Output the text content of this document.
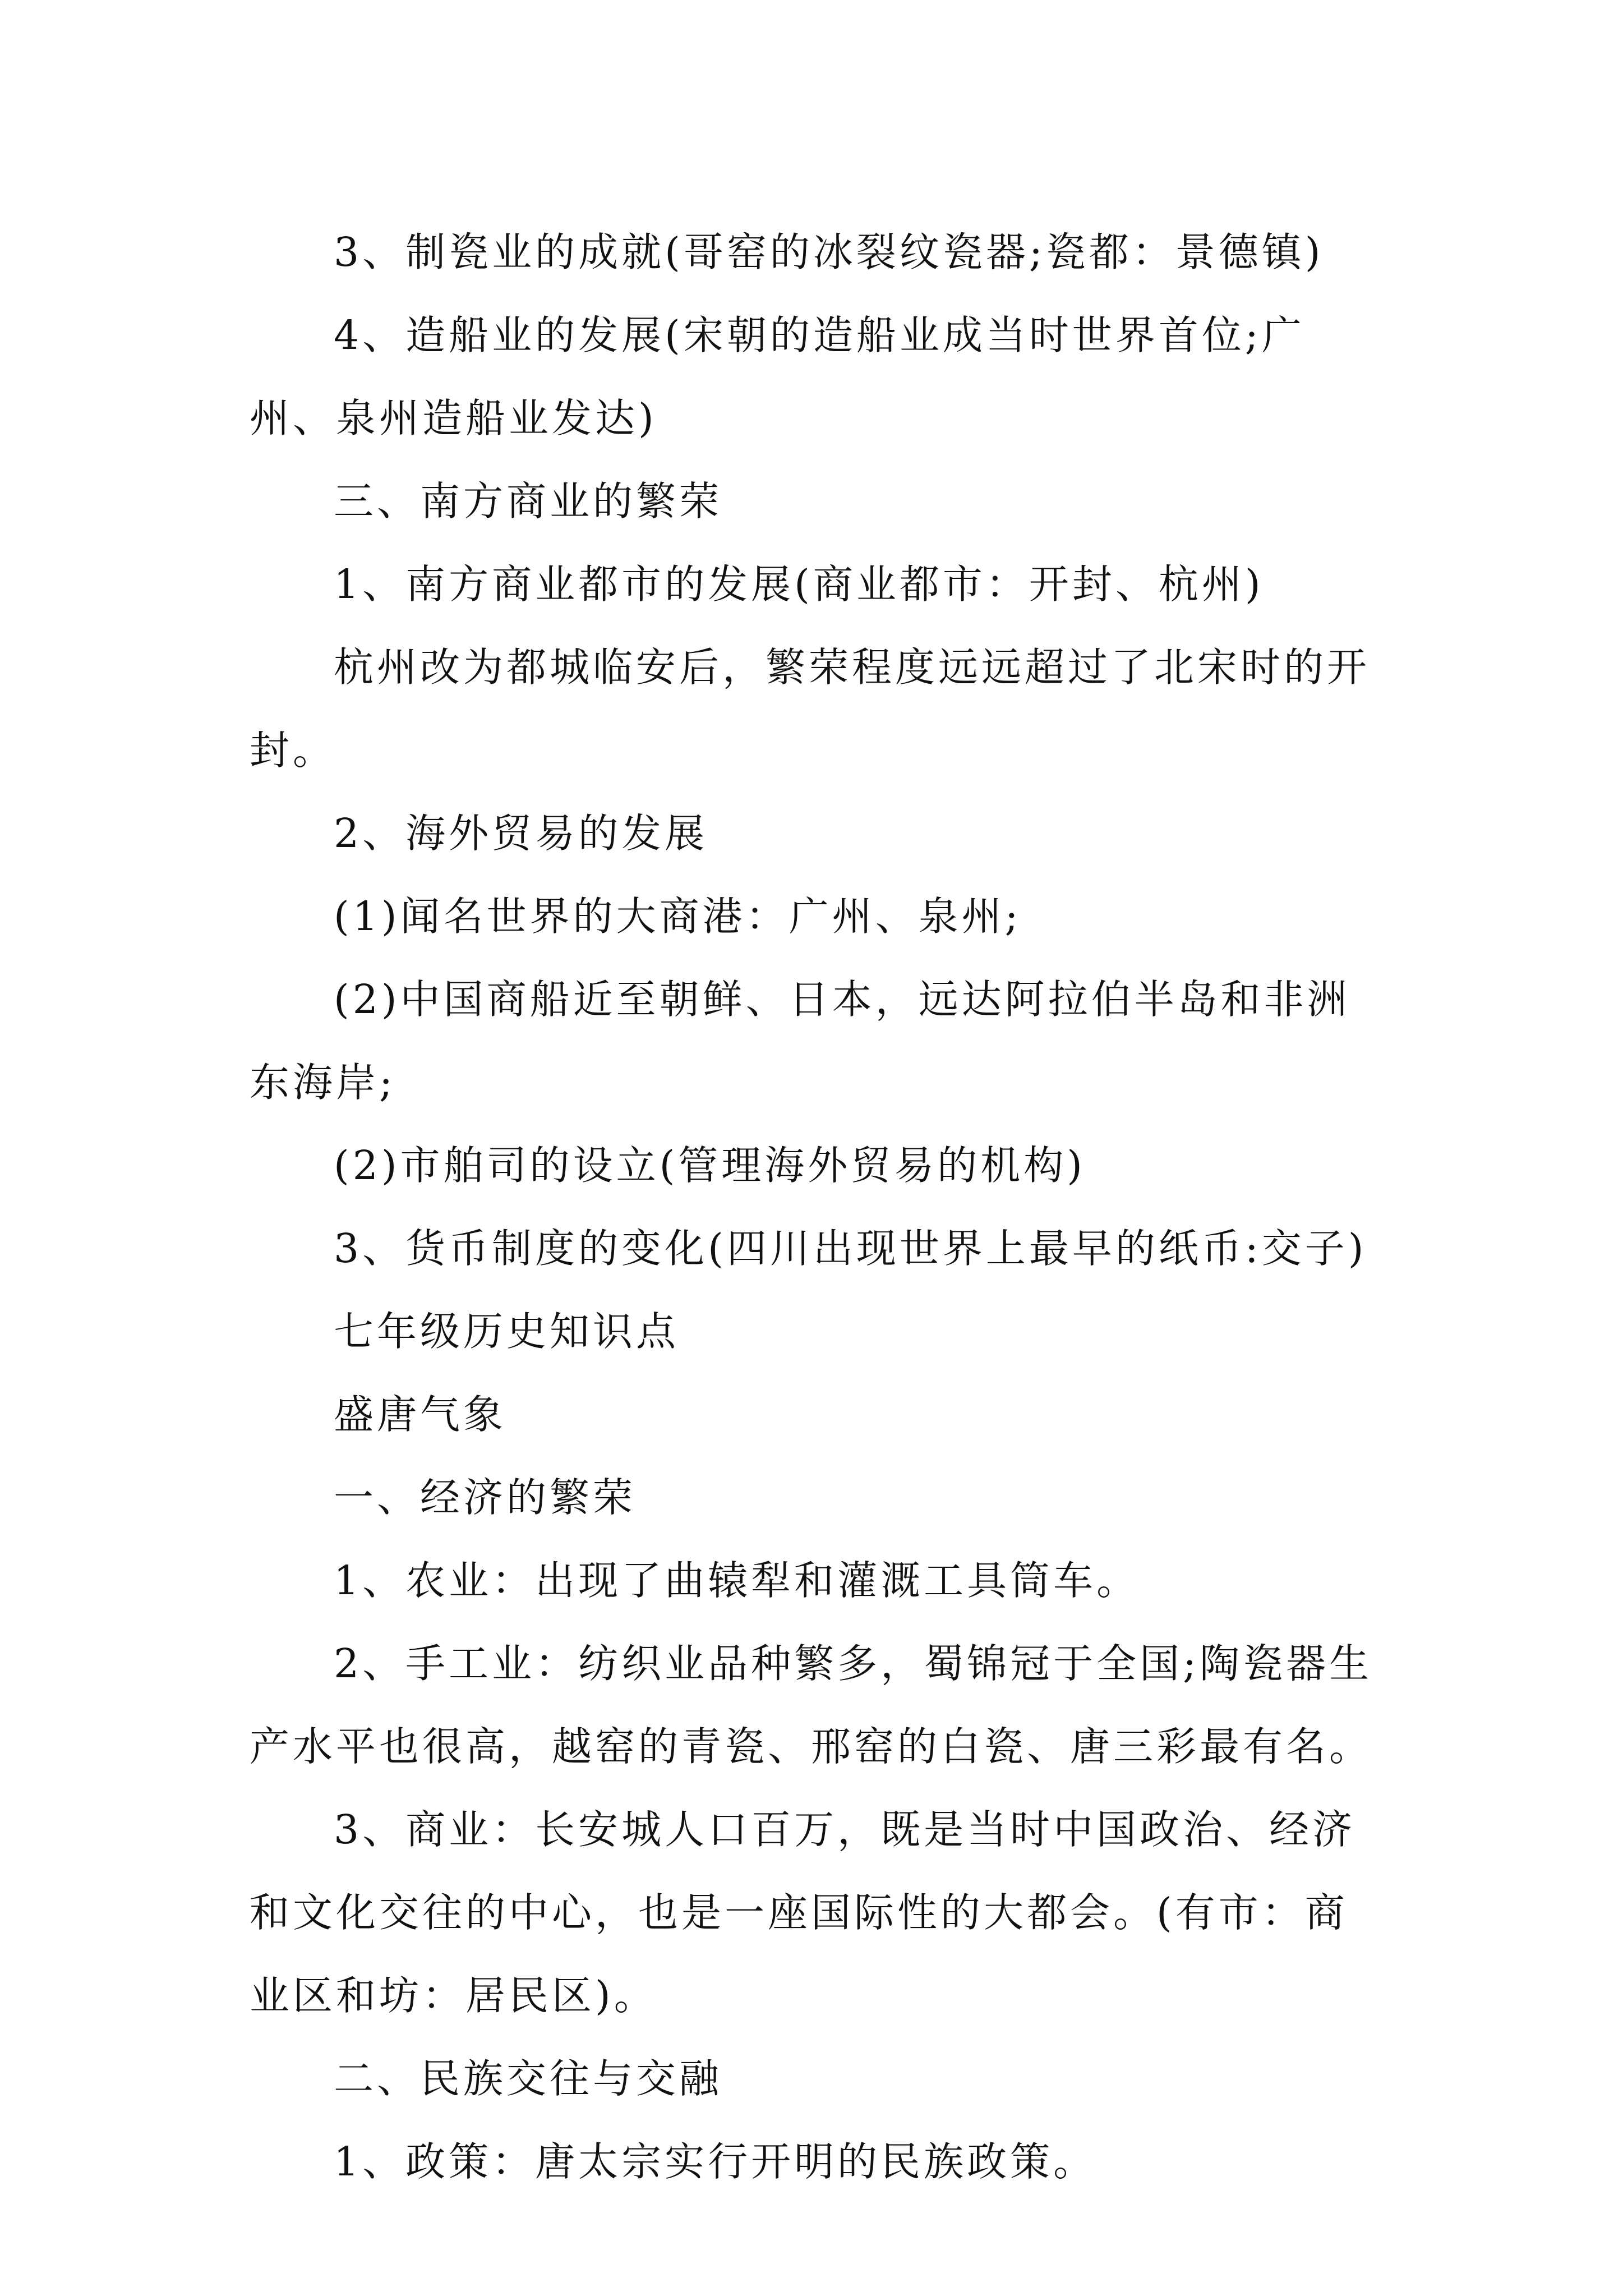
3、制瓷业的成就(哥窑的冰裂纹瓷器;瓷都：景德镇)

4、造船业的发展(宋朝的造船业成当时世界首位;广州、泉州造船业发达)

三、南方商业的繁荣

1、南方商业都市的发展(商业都市：开封、杭州)

杭州改为都城临安后，繁荣程度远远超过了北宋时的开封。

2、海外贸易的发展

(1)闻名世界的大商港：广州、泉州;

(2)中国商船近至朝鲜、日本，远达阿拉伯半岛和非洲东海岸;

(2)市舶司的设立(管理海外贸易的机构)

3、货币制度的变化(四川出现世界上最早的纸币:交子)

七年级历史知识点

盛唐气象

一、经济的繁荣

1、农业：出现了曲辕犁和灌溉工具筒车。

2、手工业：纺织业品种繁多，蜀锦冠于全国;陶瓷器生产水平也很高，越窑的青瓷、邢窑的白瓷、唐三彩最有名。

3、商业：长安城人口百万，既是当时中国政治、经济和文化交往的中心，也是一座国际性的大都会。(有市：商业区和坊：居民区)。

二、民族交往与交融

1、政策：唐太宗实行开明的民族政策。
